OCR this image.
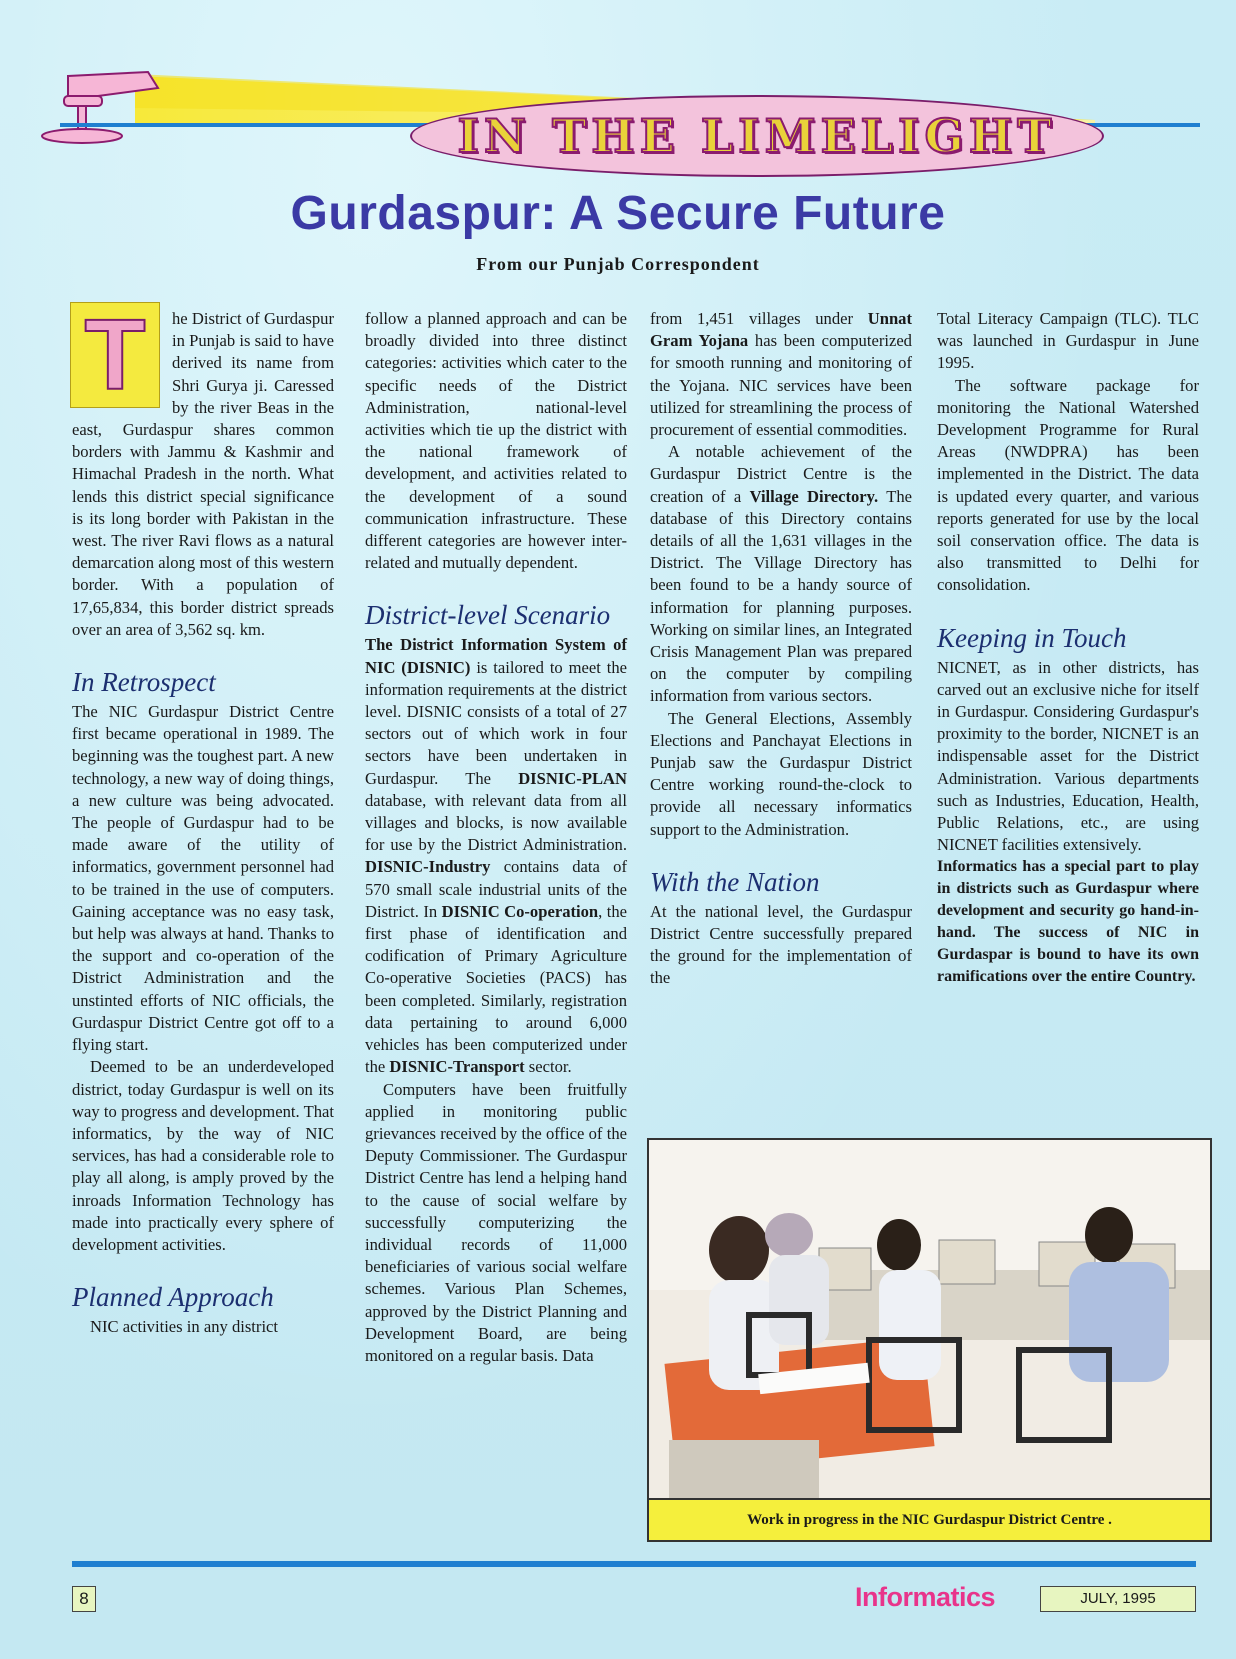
IN THE LIMELIGHT
Gurdaspur: A Secure Future
From our Punjab Correspondent
T	he District of Gurdaspur in Punjab is said to have derived its name from Shri Gurya ji. Caressed by the river Beas in the east, Gurdaspur shares common borders with Jammu & Kashmir and Himachal Pradesh in the north. What lends this district special significance is its long border with Pakistan in the west. The river Ravi flows as a natural demarcation along most of this western border. With a population of 17,65,834, this border district spreads over an area of 3,562 sq. km.

In Retrospect

The NIC Gurdaspur District Centre first became operational in 1989. The beginning was the toughest part. A new technology, a new way of doing things, a new culture was being advocated. The people of Gurdaspur had to be made aware of the utility of informatics, government personnel had to be trained in the use of computers. Gaining acceptance was no easy task, but help was always at hand. Thanks to the support and co-operation of the District Administration and the unstinted efforts of NIC officials, the Gurdaspur District Centre got off to a flying start.

Deemed to be an underdeveloped district, today Gurdaspur is well on its way to progress and development. That informatics, by the way of NIC services, has had a considerable role to play all along, is amply proved by the inroads Information Technology has made into practically every sphere of development activities.

Planned Approach

NIC activities in any district

follow a planned approach and can be broadly divided into three distinct categories: activities which cater to the specific needs of the District Administration, national-level activities which tie up the district with the national framework of development, and activities related to the development of a sound communication infrastructure. These different categories are however inter-related and mutually dependent.

District-level Scenario

The District Information System of NIC (DISNIC) is tailored to meet the information requirements at the district level. DISNIC consists of a total of 27 sectors out of which work in four sectors have been undertaken in Gurdaspur. The DISNIC-PLAN database, with relevant data from all villages and blocks, is now available for use by the District Administration. DISNIC-Industry contains data of 570 small scale industrial units of the District. In DISNIC Co-operation, the first phase of identification and codification of Primary Agriculture Co-operative Societies (PACS) has been completed. Similarly, registration data pertaining to around 6,000 vehicles has been computerized under the DISNIC-Transport sector.

Computers have been fruitfully applied in monitoring public grievances received by the office of the Deputy Commissioner. The Gurdaspur District Centre has lend a helping hand to the cause of social welfare by successfully computerizing the individual records of 11,000 beneficiaries of various social welfare schemes. Various Plan Schemes, approved by the District Planning and Development Board, are being monitored on a regular basis. Data

from 1,451 villages under Unnat Gram Yojana has been computerized for smooth running and monitoring of the Yojana. NIC services have been utilized for streamlining the process of procurement of essential commodities.

A notable achievement of the Gurdaspur District Centre is the creation of a Village Directory. The database of this Directory contains details of all the 1,631 villages in the District. The Village Directory has been found to be a handy source of information for planning purposes. Working on similar lines, an Integrated Crisis Management Plan was prepared on the computer by compiling information from various sectors.

The General Elections, Assembly Elections and Panchayat Elections in Punjab saw the Gurdaspur District Centre working round-the-clock to provide all necessary informatics support to the Administration.

With the Nation

At the national level, the Gurdaspur District Centre successfully prepared the ground for the implementation of the

Total Literacy Campaign (TLC). TLC was launched in Gurdaspur in June 1995.

The software package for monitoring the National Watershed Development Programme for Rural Areas (NWDPRA) has been implemented in the District. The data is updated every quarter, and various reports generated for use by the local soil conservation office. The data is also transmitted to Delhi for consolidation.

Keeping in Touch

NICNET, as in other districts, has carved out an exclusive niche for itself in Gurdaspur. Considering Gurdaspur's proximity to the border, NICNET is an indispensable asset for the District Administration. Various departments such as Industries, Education, Health, Public Relations, etc., are using NICNET facilities extensively.

Informatics has a special part to play in districts such as Gurdaspur where development and security go hand-in-hand. The success of NIC in Gurdaspar is bound to have its own ramifications over the entire Country.

Work in progress in the NIC Gurdaspur District Centre .
8	Informatics	JULY, 1995
